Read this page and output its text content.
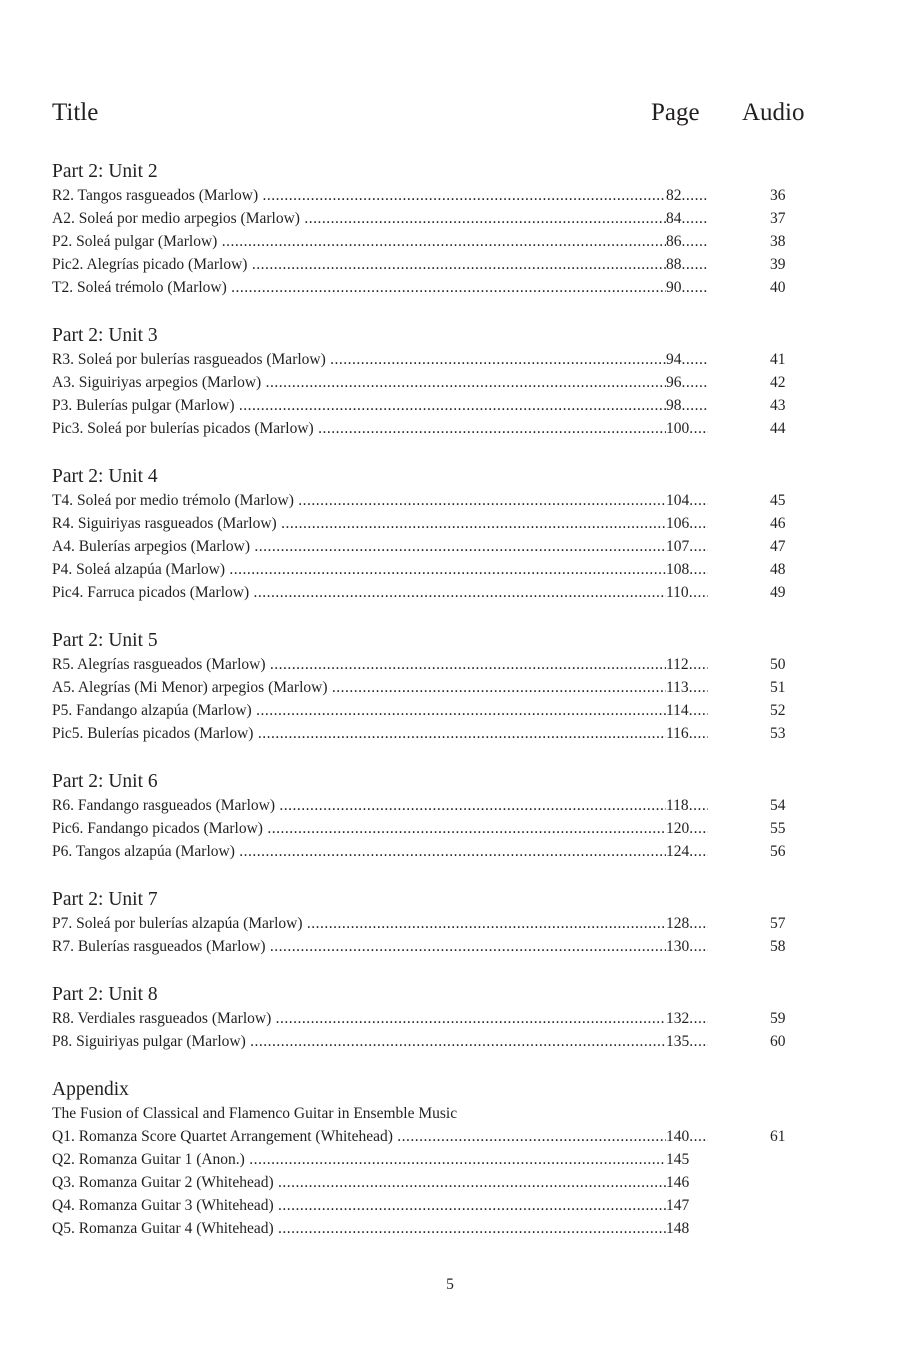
Title	Page Audio
Part 2: Unit 2
R2. Tangos rasgueados (Marlow) .....	82 .....	36
A2. Soleá por medio arpegios (Marlow) .....	84 .....	37
P2. Soleá pulgar (Marlow) .....	86 .....	38
Pic2. Alegrías picado (Marlow) .....	88 .....	39
T2. Soleá trémolo (Marlow) .....	90 .....	40
Part 2: Unit 3
R3. Soleá por bulerías rasgueados (Marlow) .....	94 .....	41
A3. Siguiriyas arpegios (Marlow) .....	96 .....	42
P3. Bulerías pulgar (Marlow) .....	98 .....	43
Pic3. Soleá por bulerías picados (Marlow) .....	100 .....	44
Part 2: Unit 4
T4. Soleá por medio trémolo (Marlow) .....	104 .....	45
R4. Siguiriyas rasgueados (Marlow) .....	106 .....	46
A4. Bulerías arpegios (Marlow) .....	107 .....	47
P4. Soleá alzapúa (Marlow) .....	108 .....	48
Pic4. Farruca picados (Marlow) .....	110 .....	49
Part 2: Unit 5
R5. Alegrías rasgueados (Marlow) .....	112 .....	50
A5. Alegrías (Mi Menor) arpegios (Marlow) .....	113 .....	51
P5. Fandango alzapúa (Marlow) .....	114 .....	52
Pic5. Bulerías picados (Marlow) .....	116 .....	53
Part 2: Unit 6
R6. Fandango rasgueados (Marlow) .....	118 .....	54
Pic6. Fandango picados (Marlow) .....	120 .....	55
P6. Tangos alzapúa (Marlow) .....	124 .....	56
Part 2: Unit 7
P7. Soleá por bulerías alzapúa (Marlow) .....	128 .....	57
R7. Bulerías rasgueados (Marlow) .....	130 .....	58
Part 2: Unit 8
R8. Verdiales rasgueados (Marlow) .....	132 .....	59
P8. Siguiriyas pulgar (Marlow) .....	135 .....	60
Appendix
The Fusion of Classical and Flamenco Guitar in Ensemble Music
Q1. Romanza Score Quartet Arrangement (Whitehead) .....	140 .....	61
Q2. Romanza Guitar 1 (Anon.) .....	145
Q3. Romanza Guitar 2 (Whitehead) .....	146
Q4. Romanza Guitar 3 (Whitehead) .....	147
Q5. Romanza Guitar 4 (Whitehead) .....	148
5
